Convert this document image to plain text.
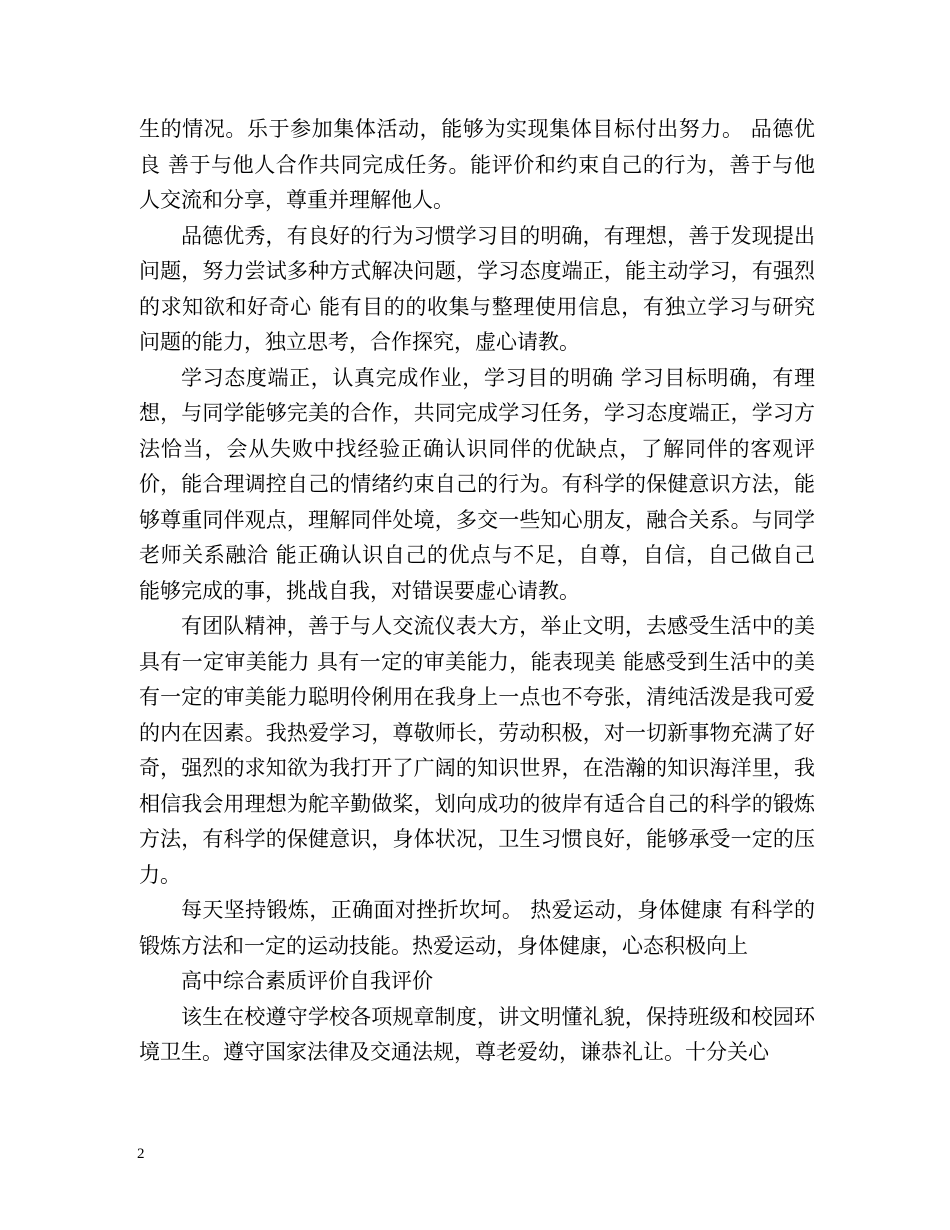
生的情况。乐于参加集体活动，能够为实现集体目标付出努力。 品德优良 善于与他人合作共同完成任务。能评价和约束自己的行为，善于与他人交流和分享，尊重并理解他人。

品德优秀，有良好的行为习惯学习目的明确，有理想，善于发现提出问题，努力尝试多种方式解决问题，学习态度端正，能主动学习，有强烈的求知欲和好奇心 能有目的的收集与整理使用信息，有独立学习与研究问题的能力，独立思考，合作探究，虚心请教。

学习态度端正，认真完成作业，学习目的明确 学习目标明确，有理想，与同学能够完美的合作，共同完成学习任务，学习态度端正，学习方法恰当，会从失败中找经验正确认识同伴的优缺点，了解同伴的客观评价，能合理调控自己的情绪约束自己的行为。有科学的保健意识方法，能够尊重同伴观点，理解同伴处境，多交一些知心朋友，融合关系。与同学老师关系融洽 能正确认识自己的优点与不足，自尊，自信，自己做自己能够完成的事，挑战自我，对错误要虚心请教。

有团队精神，善于与人交流仪表大方，举止文明，去感受生活中的美 具有一定审美能力 具有一定的审美能力，能表现美 能感受到生活中的美 有一定的审美能力聪明伶俐用在我身上一点也不夸张，清纯活泼是我可爱的内在因素。我热爱学习，尊敬师长，劳动积极，对一切新事物充满了好奇，强烈的求知欲为我打开了广阔的知识世界，在浩瀚的知识海洋里，我相信我会用理想为舵辛勤做桨，划向成功的彼岸有适合自己的科学的锻炼方法，有科学的保健意识，身体状况，卫生习惯良好，能够承受一定的压力。

每天坚持锻炼，正确面对挫折坎坷。 热爱运动，身体健康 有科学的锻炼方法和一定的运动技能。热爱运动，身体健康，心态积极向上

高中综合素质评价自我评价

该生在校遵守学校各项规章制度，讲文明懂礼貌，保持班级和校园环境卫生。遵守国家法律及交通法规，尊老爱幼，谦恭礼让。十分关心

2
